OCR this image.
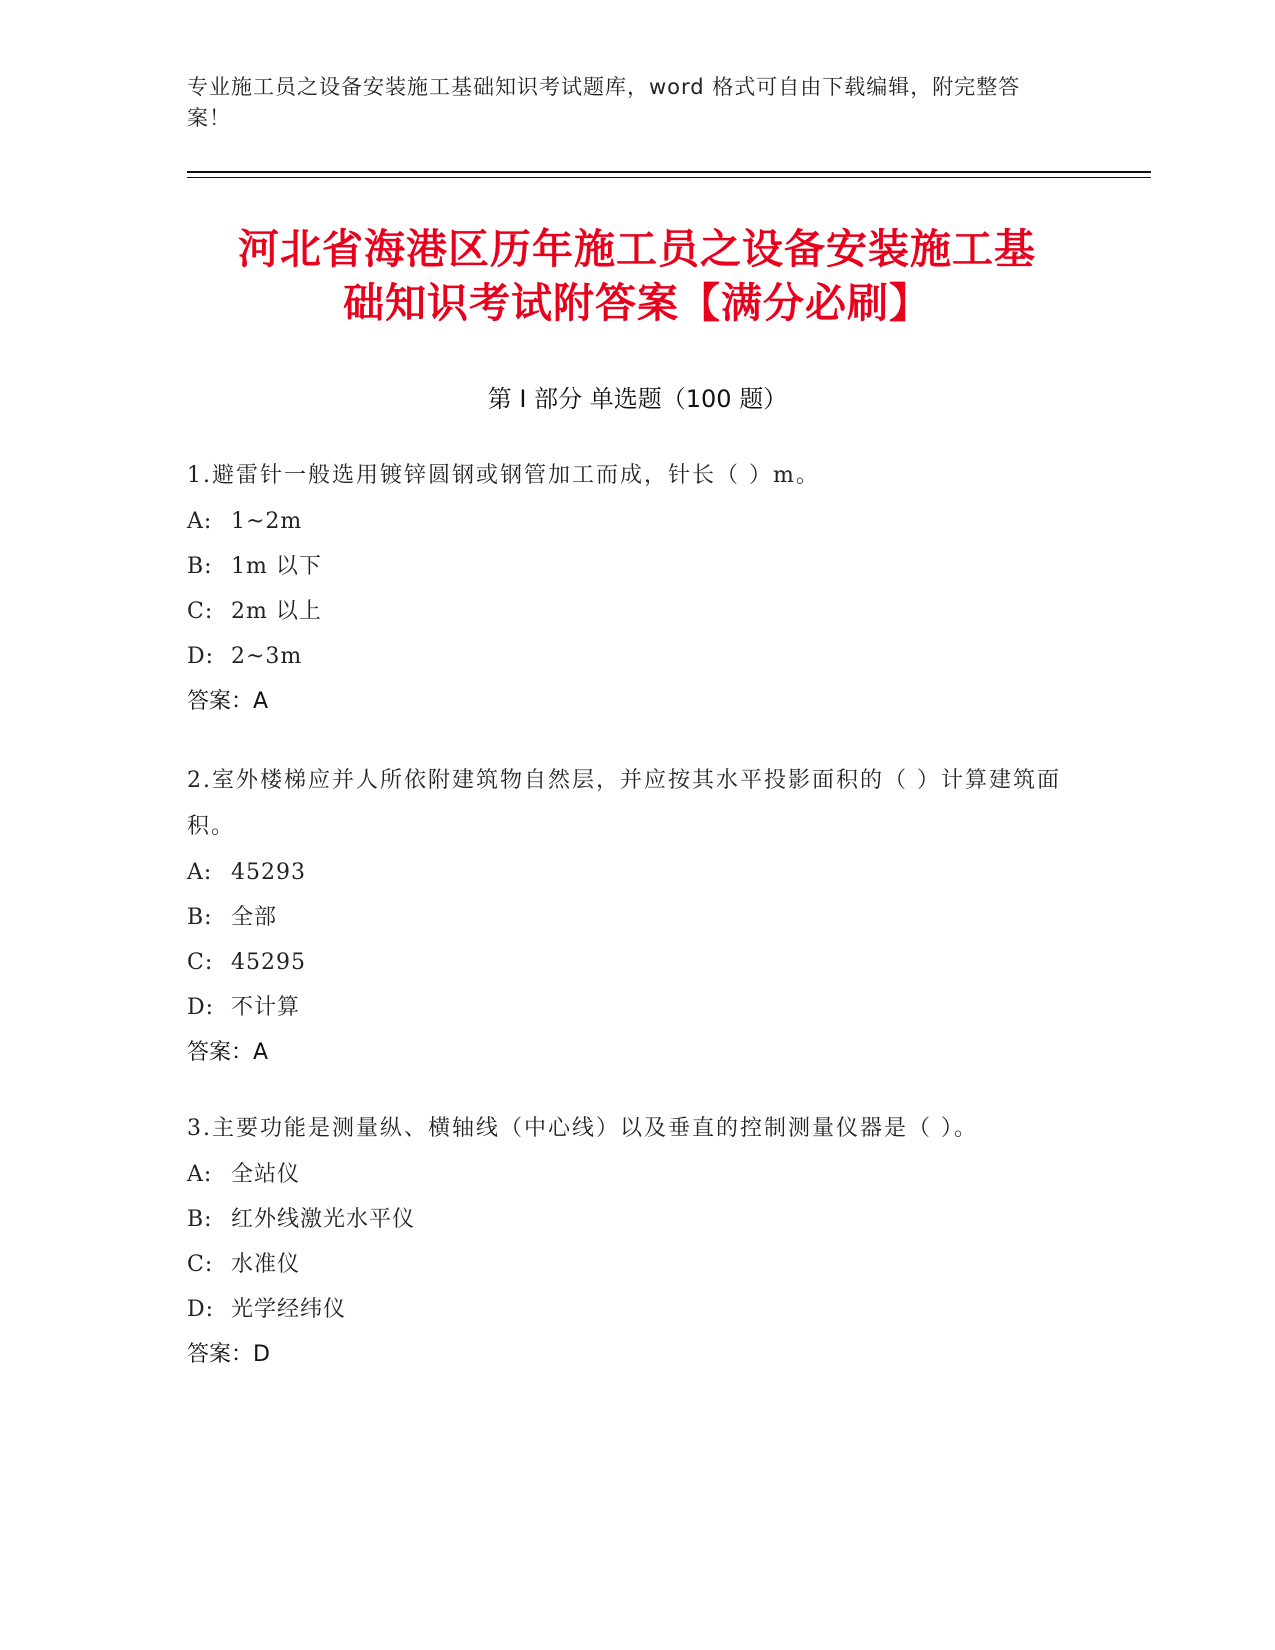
专业施工员之设备安装施工基础知识考试题库，word 格式可自由下载编辑，附完整答案！
河北省海港区历年施工员之设备安装施工基
础知识考试附答案【满分必刷】
第 I 部分 单选题（100 题）
1.避雷针一般选用镀锌圆钢或钢管加工而成，针长（ ）m。
A: 1~2m
B: 1m 以下
C: 2m 以上
D: 2~3m
答案：A
2.室外楼梯应并人所依附建筑物自然层，并应按其水平投影面积的（ ）计算建筑面积。
A: 45293
B: 全部
C: 45295
D: 不计算
答案：A
3.主要功能是测量纵、横轴线（中心线）以及垂直的控制测量仪器是（ ）。
A: 全站仪
B: 红外线激光水平仪
C: 水准仪
D: 光学经纬仪
答案：D
